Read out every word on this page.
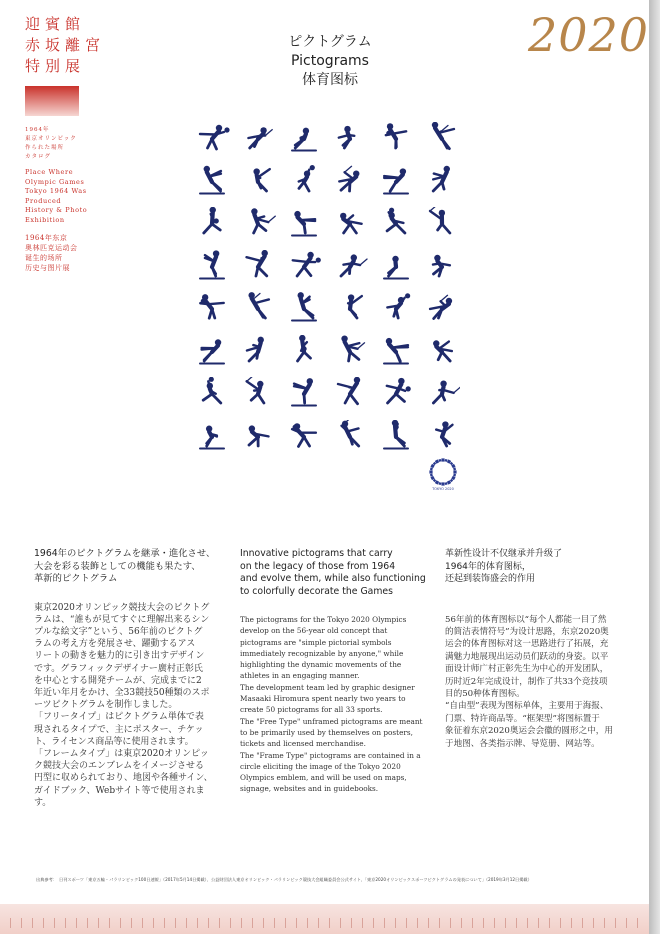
迎賓館

赤坂離宮

特別展

1964年
東京オリンピック
作られた場所
カタログ
Place Where
Olympic Games
Tokyo 1964 Was
Produced
History & Photo
Exhibition
1964年东京
奥林匹克运动会
诞生的场所
历史与图片展
2020
ピクトグラム
Pictograms
体育图标
TOKYO 2020
1964年のピクトグラムを継承・進化させ、
大会を彩る装飾としての機能も果たす、
革新的ピクトグラム
東京2020オリンピック競技大会のピクトグ
ラムは、“誰もが見てすぐに理解出来るシン
プルな絵文字”という、56年前のピクトグ
ラムの考え方を発展させ、躍動するアス
リートの動きを魅力的に引き出すデザイン
です。グラフィックデザイナー廣村正彰氏
を中心とする開発チームが、完成までに2
年近い年月をかけ、全33競技50種類のスポ
ーツピクトグラムを制作しました。
「フリータイプ」はピクトグラム単体で表
現されるタイプで、主にポスター、チケッ
ト、ライセンス商品等に使用されます。
「フレームタイプ」は東京2020オリンピッ
ク競技大会のエンブレムをイメージさせる
円型に収められており、地図や各種サイン、
ガイドブック、Webサイト等で使用されま
す。
Innovative pictograms that carry
on the legacy of those from 1964
and evolve them, while also functioning
to colorfully decorate the Games
The pictograms for the Tokyo 2020 Olympics
develop on the 56-year old concept that
pictograms are "simple pictorial symbols
immediately recognizable by anyone," while
highlighting the dynamic movements of the
athletes in an engaging manner.
The development team led by graphic designer
Masaaki Hiromura spent nearly two years to
create 50 pictograms for all 33 sports.
The "Free Type" unframed pictograms are meant
to be primarily used by themselves on posters,
tickets and licensed merchandise.
The "Frame Type" pictograms are contained in a
circle eliciting the image of the Tokyo 2020
Olympics emblem, and will be used on maps,
signage, websites and in guidebooks.
革新性设计不仅继承并升级了
1964年的体育图标，
还起到装饰盛会的作用
56年前的体育图标以“每个人都能一目了然
的简洁表情符号”为设计思路，东京2020奥
运会的体育图标对这一思路进行了拓展，充
满魅力地展现出运动员们跃动的身姿。以平
面设计师广村正彰先生为中心的开发团队，
历时近2年完成设计，制作了共33个竞技项
目的50种体育图标。
“自由型”表现为图标单体，主要用于海报、
门票、特许商品等。“框架型”将图标置于
象征着东京2020奥运会会徽的圆形之中，用
于地图、各类指示牌、导览册、网站等。
出典参考：　日刊スポーツ「東京五輪・パラリンピック100日速報」（2017年5月14日掲載）、公益財団法人東京オリンピック・パラリンピック競技大会組織委員会公式サイト、「東京2020オリンピックスポーツピクトグラムの発表について」（2019年3月12日掲載）
